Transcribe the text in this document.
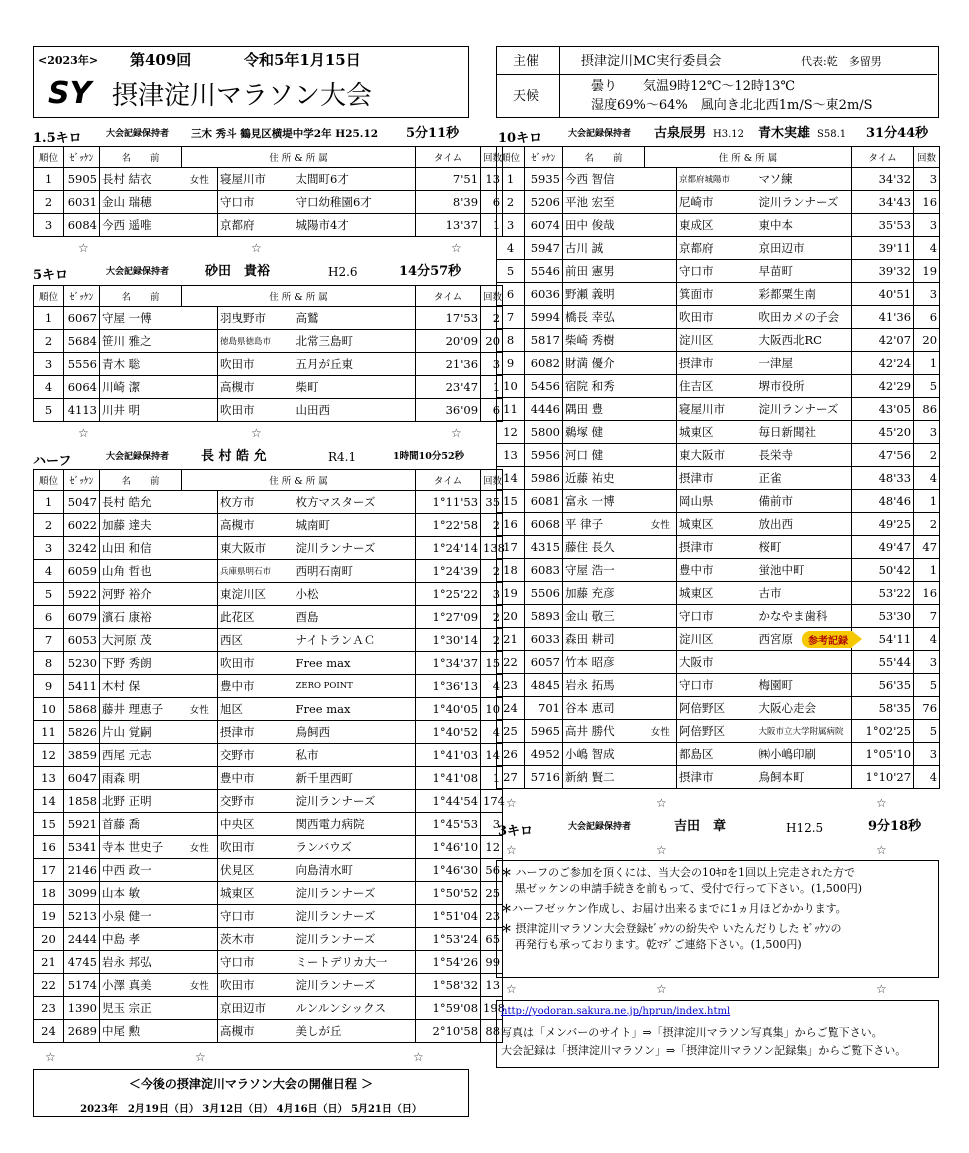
<2023年> 第409回	令和5年1月15日
SY 摂津淀川マラソン大会
1.5キロ	大会記録保持者 三木 秀斗 鶴見区横堤中学2年 H25.12 5分11秒
順位	ｾﾞｯｹﾝ	名　　前	住 所 & 所 属			タイム	回数
1	5905	長村 結衣	女性	寝屋川市	太間町6才	7'51	13
2	6031	金山 瑞穂		守口市	守口幼稚園6才	8'39	6
3	6084	今西 遥唯		京都府	城陽市4才	13'37	1
☆	☆	☆
5キロ	大会記録保持者	砂田　貴裕	H2.6	14分57秒
順位	ｾﾞｯｹﾝ	名　　前	住 所 & 所 属			タイム	回数
1	6067	守屋 一傅		羽曳野市	高鷲	17'53	2
2	5684	笹川 雅之		徳島県徳島市	北常三島町	20'09	20
3	5556	青木 聡		吹田市	五月が丘東	21'36	3
4	6064	川崎 潔		高槻市	柴町	23'47	1
5	4113	川井 明		吹田市	山田西	36'09	6
☆	☆	☆
ハーフ	大会記録保持者 長 村 皓 允	R4.1	1時間10分52秒
順位	ｾﾞｯｹﾝ	名　　前	住 所 & 所 属			タイム	回数
1	5047	長村 皓允		枚方市	枚方マスターズ	1°11'53	35
2	6022	加藤 達夫		高槻市	城南町	1°22'58	2
3	3242	山田 和信		東大阪市	淀川ランナーズ	1°24'14	138
4	6059	山角 哲也		兵庫県明石市	西明石南町	1°24'39	2
5	5922	河野 裕介		東淀川区	小松	1°25'22	3
6	6079	濱石 康裕		此花区	酉島	1°27'09	2
7	6053	大河原 茂		西区	ナイトランＡＣ	1°30'14	2
8	5230	下野 秀朗		吹田市	Free max	1°34'37	15
9	5411	木村 保		豊中市	ZERO POINT	1°36'13	4
10	5868	藤井 理恵子	女性	旭区	Free max	1°40'05	10
11	5826	片山 覚嗣		摂津市	鳥飼西	1°40'52	4
12	3859	西尾 元志		交野市	私市	1°41'03	14
13	6047	雨森 明		豊中市	新千里西町	1°41'08	1
14	1858	北野 正明		交野市	淀川ランナーズ	1°44'54	174
15	5921	首藤 喬		中央区	関西電力病院	1°45'53	3
16	5341	寺本 世史子	女性	吹田市	ランバウズ	1°46'10	12
17	2146	中西 政一		伏見区	向島清水町	1°46'30	56
18	3099	山本 敏		城東区	淀川ランナーズ	1°50'52	25
19	5213	小泉 健一		守口市	淀川ランナーズ	1°51'04	23
20	2444	中島 孝		茨木市	淀川ランナーズ	1°53'24	65
21	4745	岩永 邦弘		守口市	ミートデリカ大一	1°54'26	99
22	5174	小澤 真美	女性	吹田市	淀川ランナーズ	1°58'32	13
23	1390	児玉 宗正		京田辺市	ルンルンシックス	1°59'08	198
24	2689	中尾 勲		高槻市	美しが丘	2°10'58	88
☆	☆	☆
＜今後の摂津淀川マラソン大会の開催日程 ＞
2023年　2月19日（日） 3月12日（日） 4月16日（日） 5月21日（日）
主催	摂津淀川MC実行委員会	代表:乾　多留男
天候
曇り　　気温9時12℃～12時13℃
湿度69%～64%　風向き北北西1m/S～東2m/S
10キロ	大会記録保持者 古泉辰男 H3.12 青木実雄 S58.1 31分44秒
順位	ｾﾞｯｹﾝ	名　　前	住 所 & 所 属			タイム	回数
1	5935	今西 智信		京都府城陽市	マソ練	34'32	3
2	5206	平池 宏至		尼崎市	淀川ランナーズ	34'43	16
3	6074	田中 俊哉		東成区	東中本	35'53	3
4	5947	古川 誠		京都府	京田辺市	39'11	4
5	5546	前田 憲男		守口市	早苗町	39'32	19
6	6036	野瀬 義明		箕面市	彩都粟生南	40'51	3
7	5994	橋長 幸弘		吹田市	吹田カメの子会	41'36	6
8	5817	柴崎 秀樹		淀川区	大阪西北RC	42'07	20
9	6082	財満 優介		摂津市	一津屋	42'24	1
10	5456	宿院 和秀		住吉区	堺市役所	42'29	5
11	4446	隅田 豊		寝屋川市	淀川ランナーズ	43'05	86
12	5800	鵜塚 健		城東区	毎日新聞社	45'20	3
13	5956	河口 健		東大阪市	長栄寺	47'56	2
14	5986	近藤 祐史		摂津市	正雀	48'33	4
15	6081	富永 一博		岡山県	備前市	48'46	1
16	6068	平 律子	女性	城東区	放出西	49'25	2
17	4315	藤住 長久		摂津市	桜町	49'47	47
18	6083	守屋 浩一		豊中市	蛍池中町	50'42	1
19	5506	加藤 充彦		城東区	古市	53'22	16
20	5893	金山 敬三		守口市	かなやま歯科	53'30	7
21	6033	森田 耕司		淀川区	西宮原	参考記録 54'11	4
22	6057	竹本 昭彦		大阪市		55'44	3
23	4845	岩永 拓馬		守口市	梅園町	56'35	5
24	701	谷本 恵司		阿倍野区	大阪心走会	58'35	76
25	5965	高井 勝代	女性	阿倍野区	大阪市立大学附属病院	1°02'25	5
26	4952	小嶋 智成		都島区	㈱小嶋印刷	1°05'10	3
27	5716	新納 賢二		摂津市	鳥飼本町	1°10'27	4
☆	☆	☆
3キロ	大会記録保持者	吉田　章	H12.5	9分18秒
☆	☆	☆
＊ ハーフのご参加を頂くには、当大会の10ｷﾛを1回以上完走された方で
黒ゼッケンの申請手続きを前もって、受付で行って下さい。(1,500円)
＊ハーフゼッケン作成し、お届け出来るまでに1ヵ月ほどかかります。
＊ 摂津淀川マラソン大会登録ｾﾞｯｹﾝの紛失や いたんだりした ｾﾞｯｹﾝの
再発行も承っております。乾ﾏﾃﾞご連絡下さい。(1,500円)
☆	☆	☆
http://yodoran.sakura.ne.jp/hprun/index.html
写真は「メンバーのサイト」⇒「摂津淀川マラソン写真集」からご覧下さい。
大会記録は「摂津淀川マラソン」⇒「摂津淀川マラソン記録集」からご覧下さい。
